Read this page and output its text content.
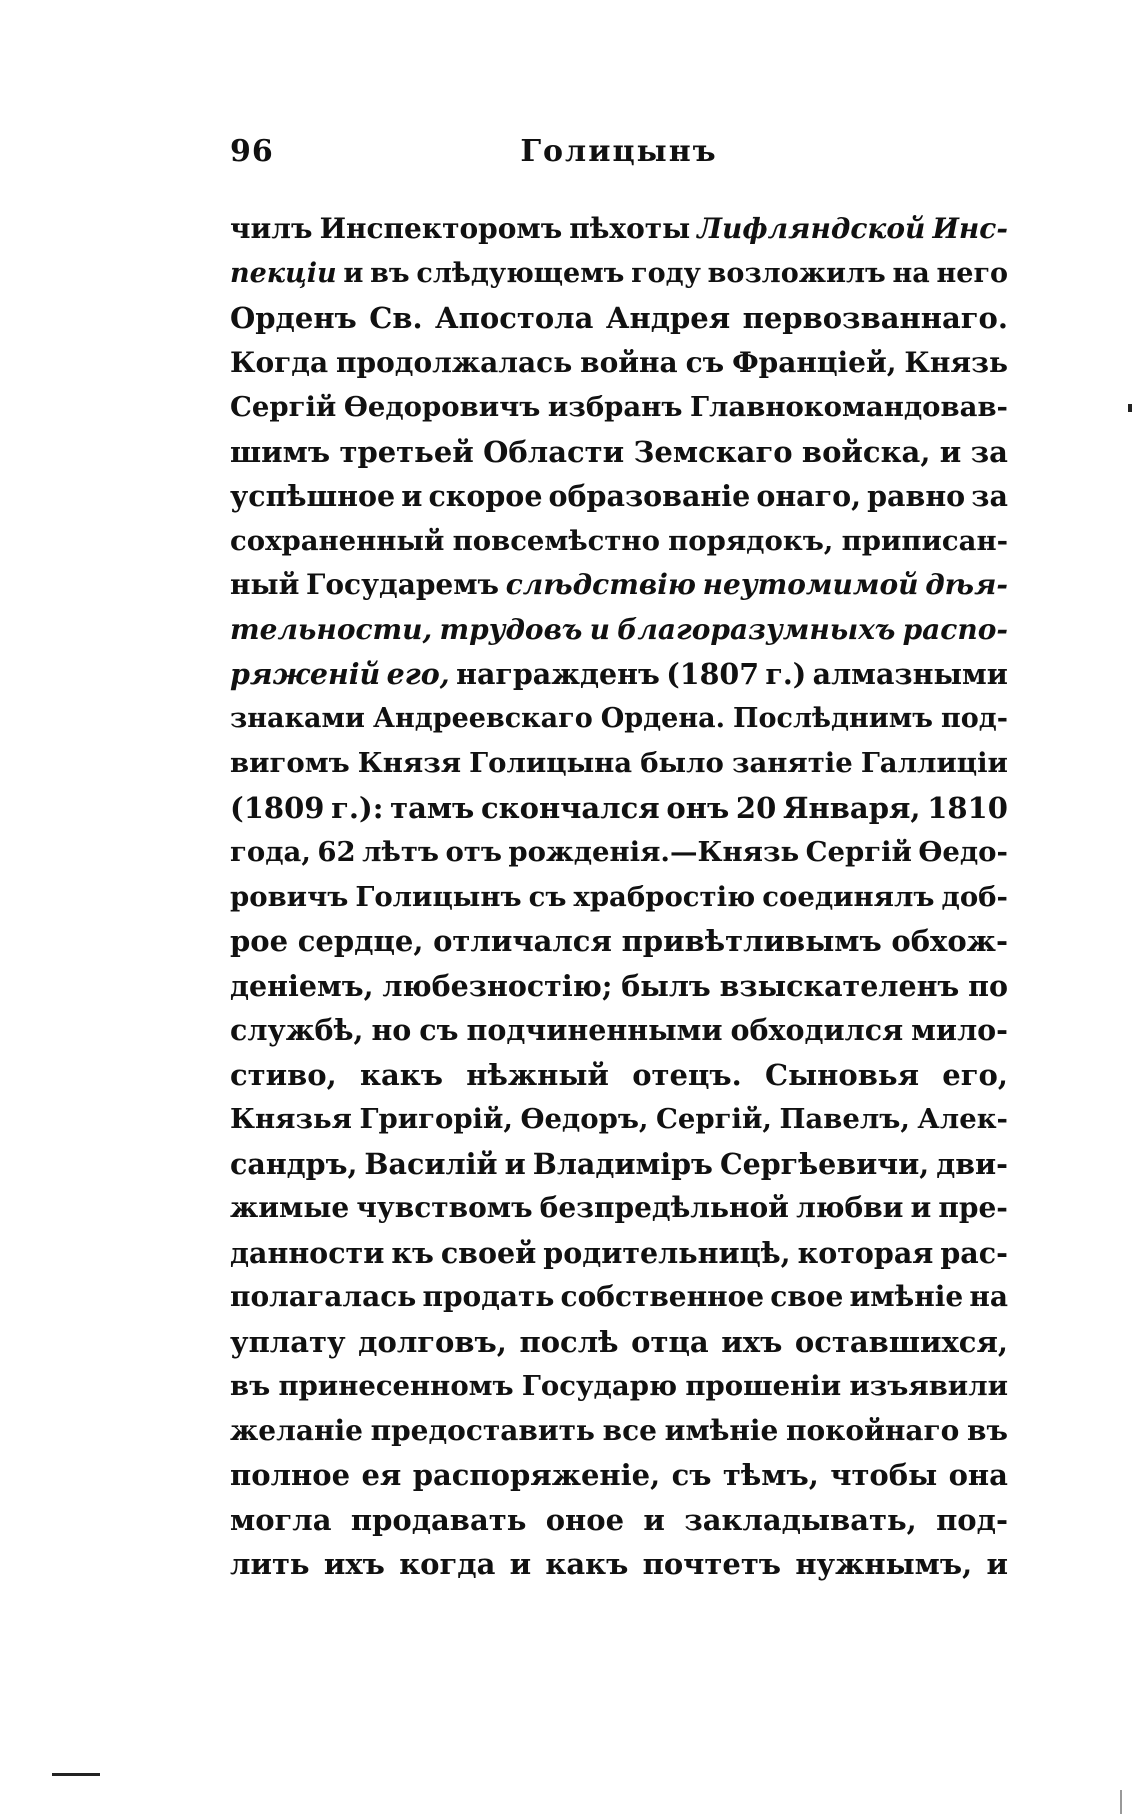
96	Голицынъ
чилъ Инспекторомъ пѣхоты Лифляндской Инс-
пекціи и въ слѣдующемъ году возложилъ на него
Орденъ Св. Апостола Андрея первозваннаго.
Когда продолжалась война съ Франціей, Князь
Сергій Ѳедоровичъ избранъ Главнокомандовав-
шимъ третьей Области Земскаго войска, и за
успѣшное и скорое образованіе онаго, равно за
сохраненный повсемѣстно порядокъ, приписан-
ный Государемъ слѣдствію неутомимой дѣя-
тельности, трудовъ и благоразумныхъ распо-
ряженій его, награжденъ (1807 г.) алмазными
знаками Андреевскаго Ордена. Послѣднимъ под-
вигомъ Князя Голицына было занятіе Галлиціи
(1809 г.): тамъ скончался онъ 20 Января, 1810
года, 62 лѣтъ отъ рожденія.—Князь Сергій Ѳедо-
ровичъ Голицынъ съ храбростію соединялъ доб-
рое сердце, отличался привѣтливымъ обхож-
деніемъ, любезностію; былъ взыскателенъ по
службѣ, но съ подчиненными обходился мило-
стиво, какъ нѣжный отецъ. Сыновья его,
Князья Григорій, Ѳедоръ, Сергій, Павелъ, Алек-
сандръ, Василій и Владиміръ Сергѣевичи, дви-
жимые чувствомъ безпредѣльной любви и пре-
данности къ своей родительницѣ, которая рас-
полагалась продать собственное свое имѣніе на
уплату долговъ, послѣ отца ихъ оставшихся,
въ принесенномъ Государю прошеніи изъявили
желаніе предоставить все имѣніе покойнаго въ
полное ея распоряженіе, съ тѣмъ, чтобы она
могла продавать оное и закладывать, под-
лить ихъ когда и какъ почтетъ нужнымъ, и
